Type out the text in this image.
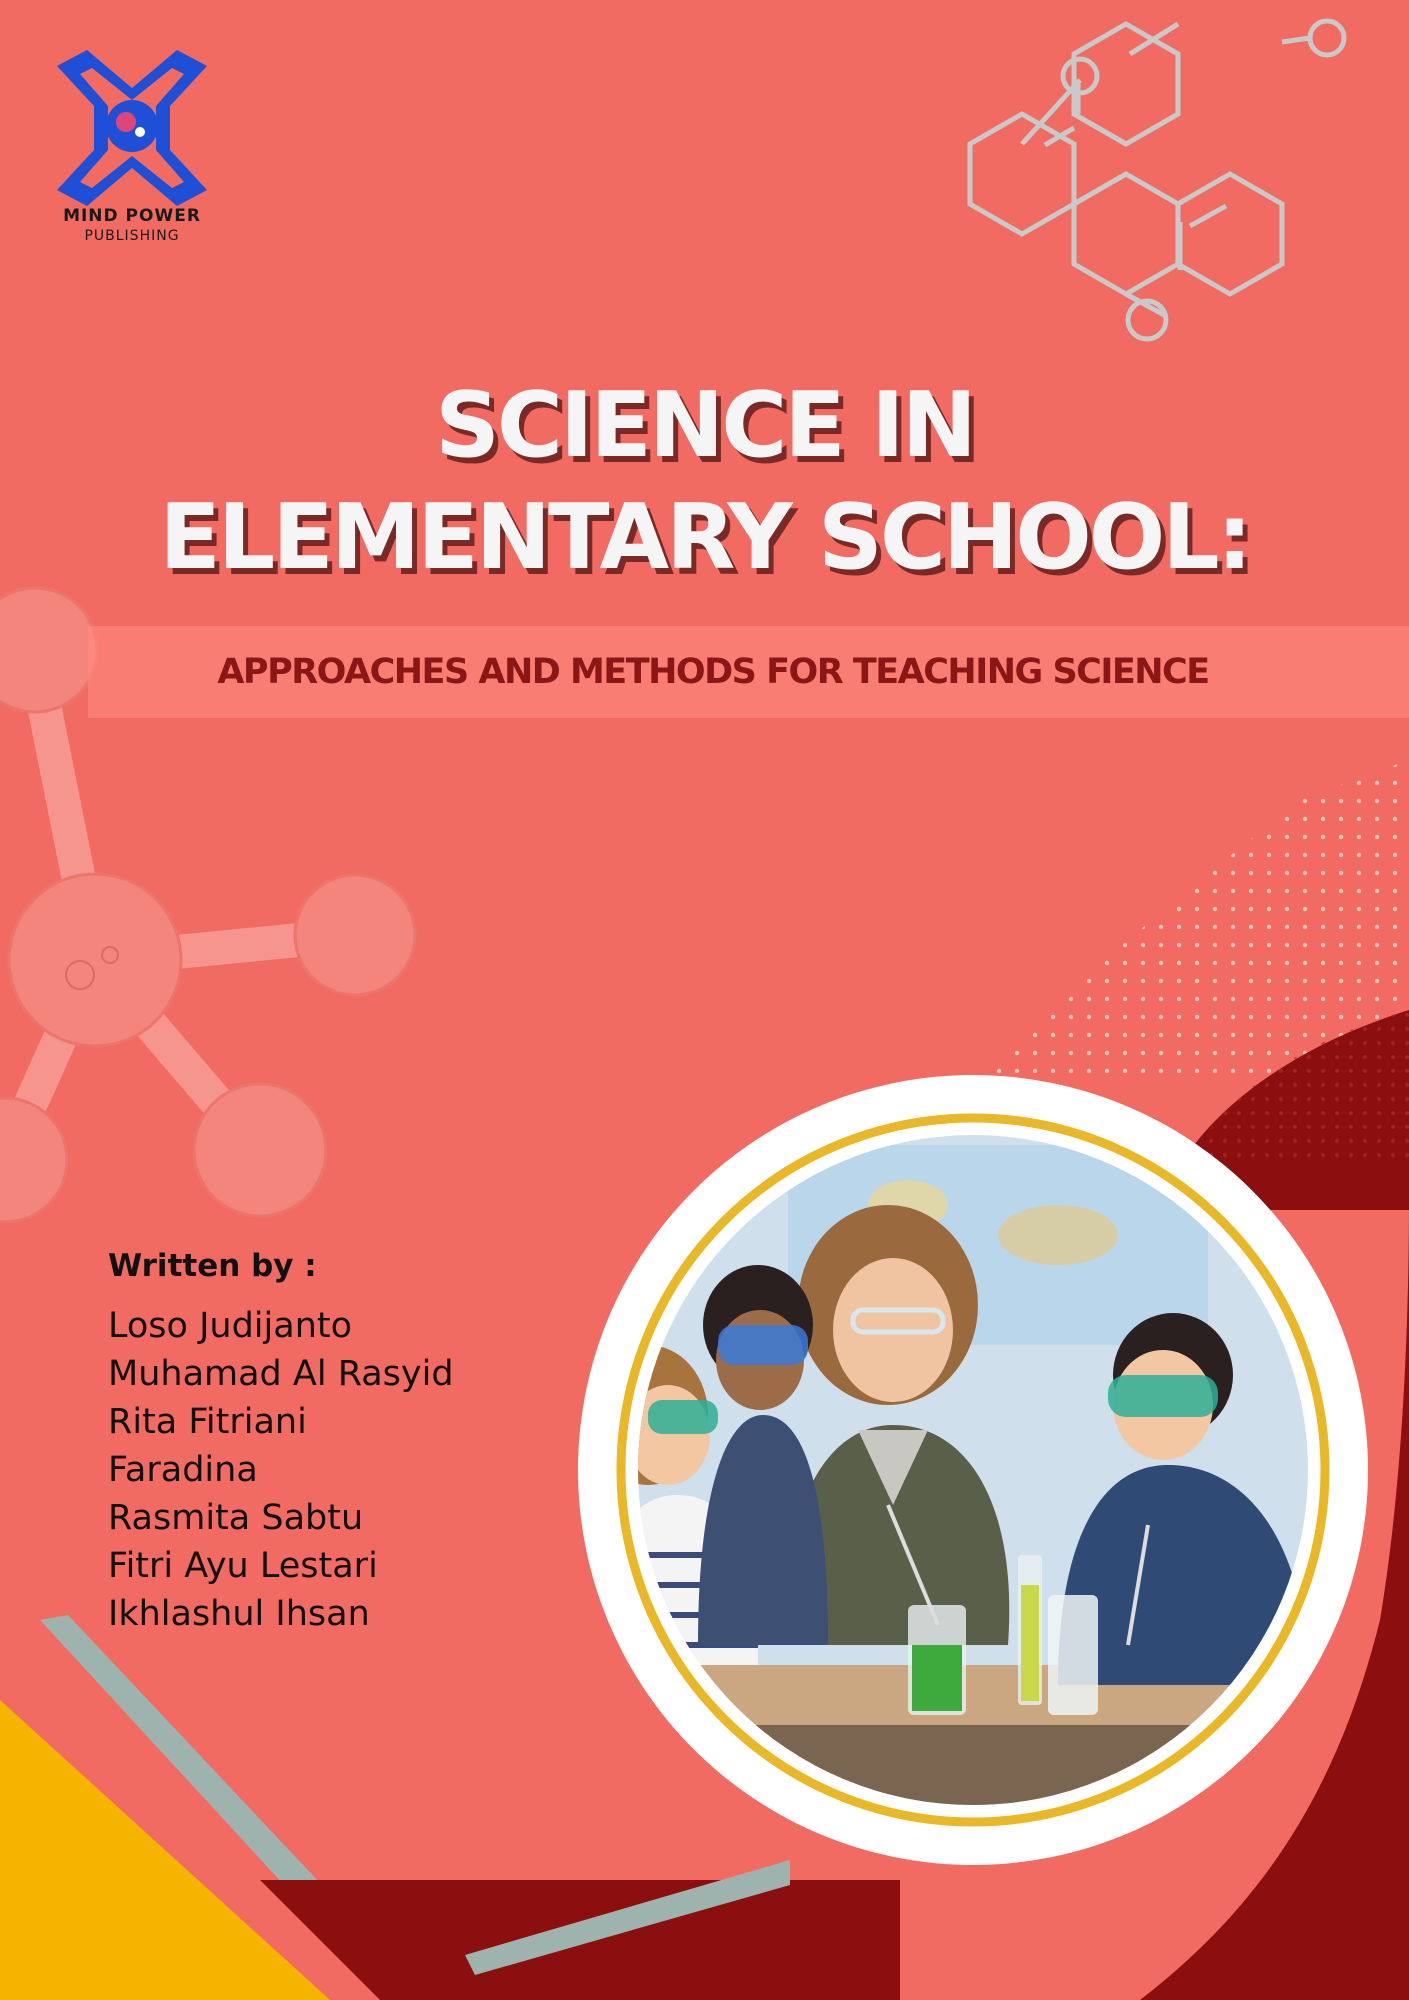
MIND POWER
PUBLISHING
SCIENCE IN
ELEMENTARY SCHOOL:
APPROACHES AND METHODS FOR TEACHING SCIENCE
Written by :
Loso Judijanto
Muhamad Al Rasyid
Rita Fitriani
Faradina
Rasmita Sabtu
Fitri Ayu Lestari
Ikhlashul Ihsan
